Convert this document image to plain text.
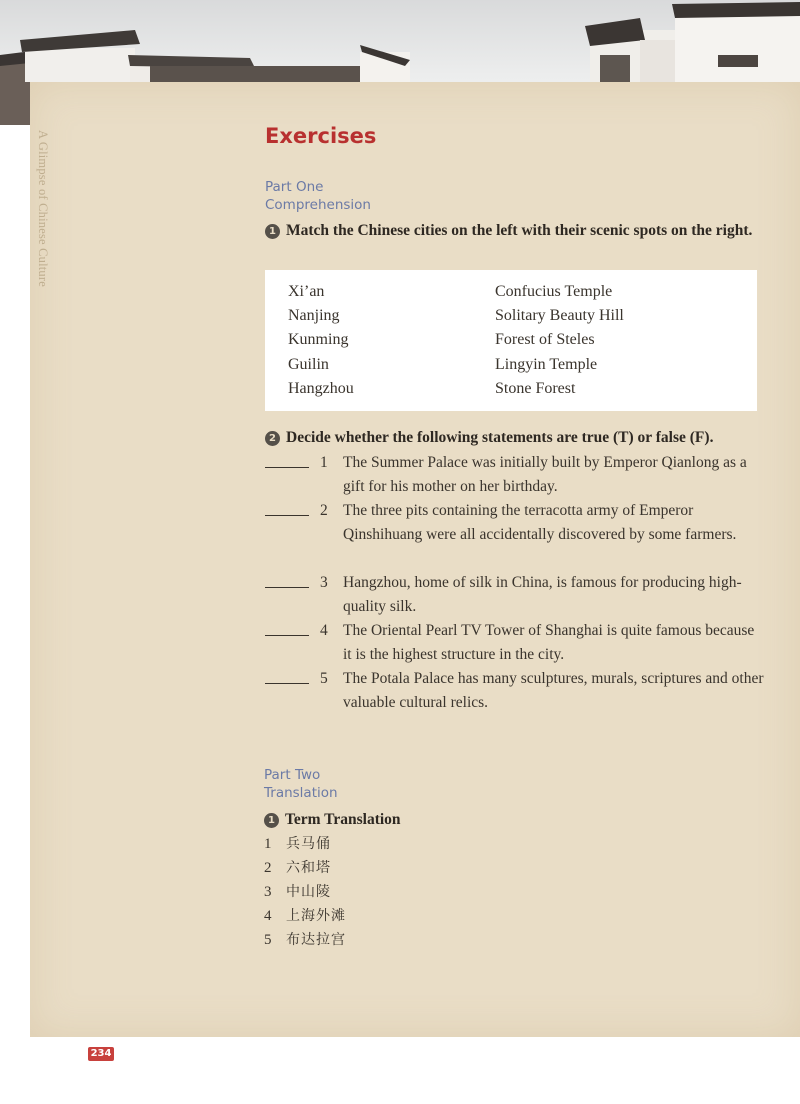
A Glimpse of Chinese Culture	Exercises
Part One
Comprehension
1 Match the Chinese cities on the left with their scenic spots on the right.
Xi’an
Nanjing
Kunming
Guilin
Hangzhou
Confucius Temple
Solitary Beauty Hill
Forest of Steles
Lingyin Temple
Stone Forest
2 Decide whether the following statements are true (T) or false (F).
1 The Summer Palace was initially built by Emperor Qianlong as a gift for his mother on her birthday.
2 The three pits containing the terracotta army of Emperor Qinshihuang were all accidentally discovered by some farmers.
3 Hangzhou, home of silk in China, is famous for producing high-quality silk.
4 The Oriental Pearl TV Tower of Shanghai is quite famous because it is the highest structure in the city.
5 The Potala Palace has many sculptures, murals, scriptures and other valuable cultural relics.
Part Two
Translation
1 Term Translation
1 兵马俑
2 六和塔
3 中山陵
4 上海外滩
5 布达拉宫
234
